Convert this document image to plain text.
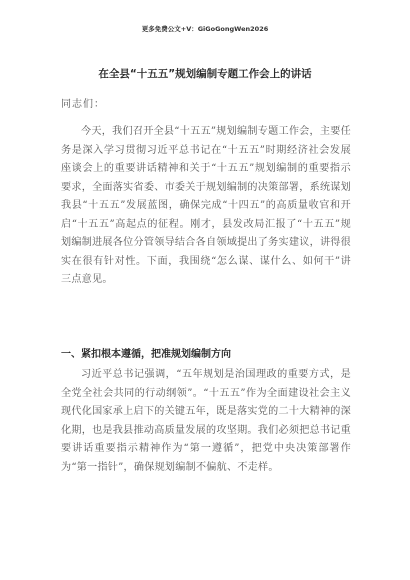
更多免费公文+V：GiGoGongWen2026
在全县“十五五”规划编制专题工作会上的讲话
同志们：
今天，我们召开全县“十五五”规划编制专题工作会，主要任务是深入学习贯彻习近平总书记在“十五五”时期经济社会发展座谈会上的重要讲话精神和关于“十五五”规划编制的重要指示要求，全面落实省委、市委关于规划编制的决策部署，系统谋划我县“十五五”发展蓝图，确保完成“十四五”的高质量收官和开启“十五五”高起点的征程。刚才，县发改局汇报了“十五五”规划编制进展各位分管领导结合各自领域提出了务实建议，讲得很实在很有针对性。下面，我围绕“怎么谋、谋什么、如何干”讲三点意见。
一、紧扣根本遵循，把准规划编制方向
习近平总书记强调，“五年规划是治国理政的重要方式，是全党全社会共同的行动纲领”。“十五五”作为全面建设社会主义现代化国家承上启下的关键五年，既是落实党的二十大精神的深化期，也是我县推动高质量发展的攻坚期。我们必须把总书记重要讲话重要指示精神作为“第一遵循”，把党中央决策部署作为“第一指针”，确保规划编制不偏航、不走样。
